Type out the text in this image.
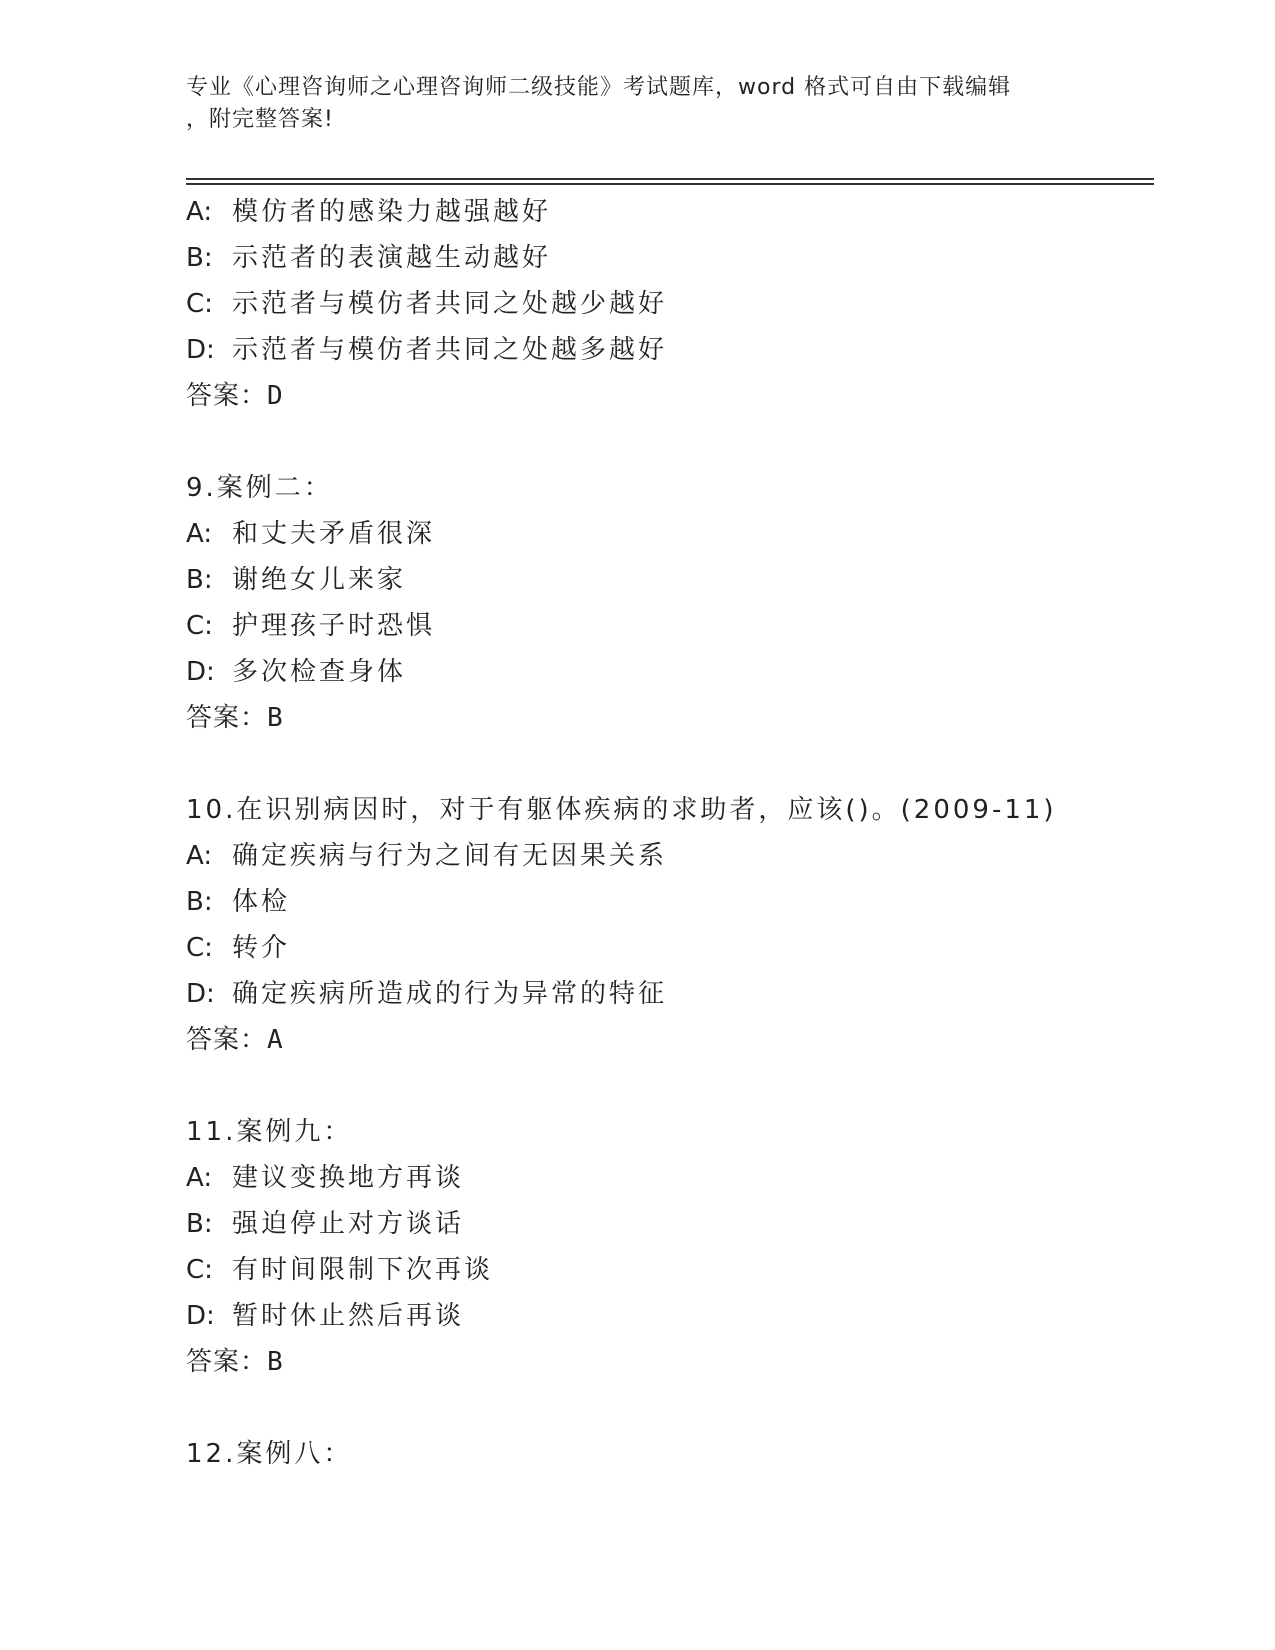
专业《心理咨询师之心理咨询师二级技能》考试题库，word 格式可自由下载编辑
，附完整答案!
A: 模仿者的感染力越强越好
B: 示范者的表演越生动越好
C: 示范者与模仿者共同之处越少越好
D: 示范者与模仿者共同之处越多越好
答案：D
9.案例二：
A: 和丈夫矛盾很深
B: 谢绝女儿来家
C: 护理孩子时恐惧
D: 多次检查身体
答案：B
10.在识别病因时，对于有躯体疾病的求助者，应该()。(2009-11)
A: 确定疾病与行为之间有无因果关系
B: 体检
C: 转介
D: 确定疾病所造成的行为异常的特征
答案：A
11.案例九：
A: 建议变换地方再谈
B: 强迫停止对方谈话
C: 有时间限制下次再谈
D: 暂时休止然后再谈
答案：B
12.案例八：
